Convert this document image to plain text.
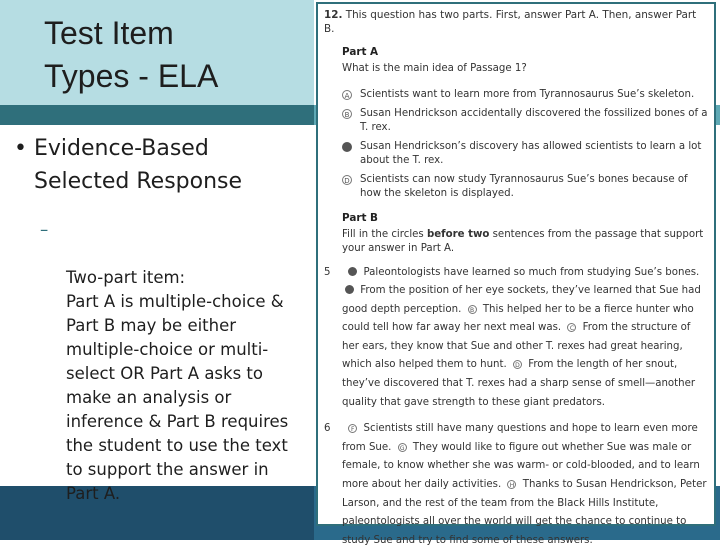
Test Item
Types - ELA
• Evidence-Based Selected Response

–

Two-part item:
Part A is multiple-choice & Part B may be either multiple-choice or multi-select OR Part A asks to make an analysis or inference & Part B requires the student to use the text to support the answer in Part A.

12. This question has two parts. First, answer Part A. Then, answer Part B.
Part A
What is the main idea of Passage 1?
A Scientists want to learn more from Tyrannosaurus Sue’s skeleton.
B Susan Hendrickson accidentally discovered the fossilized bones of a T. rex.
Susan Hendrickson’s discovery has allowed scientists to learn a lot about the T. rex.
D Scientists can now study Tyrannosaurus Sue’s bones because of how the skeleton is displayed.
Part B
Fill in the circles before two sentences from the passage that support your answer in Part A.
5	Paleontologists have learned so much from studying Sue’s bones.  From the position of her eye sockets, they’ve learned that Sue had good depth perception. B This helped her to be a fierce hunter who could tell how far away her next meal was. C From the structure of her ears, they know that Sue and other T. rexes had great hearing, which also helped them to hunt. D From the length of her snout, they’ve discovered that T. rexes had a sharp sense of smell—another quality that gave strength to these giant predators.
6	F Scientists still have many questions and hope to learn even more from Sue. G They would like to figure out whether Sue was male or female, to know whether she was warm- or cold-blooded, and to learn more about her daily activities. H Thanks to Susan Hendrickson, Peter Larson, and the rest of the team from the Black Hills Institute, paleontologists all over the world will get the chance to continue to study Sue and try to find some of these answers.
